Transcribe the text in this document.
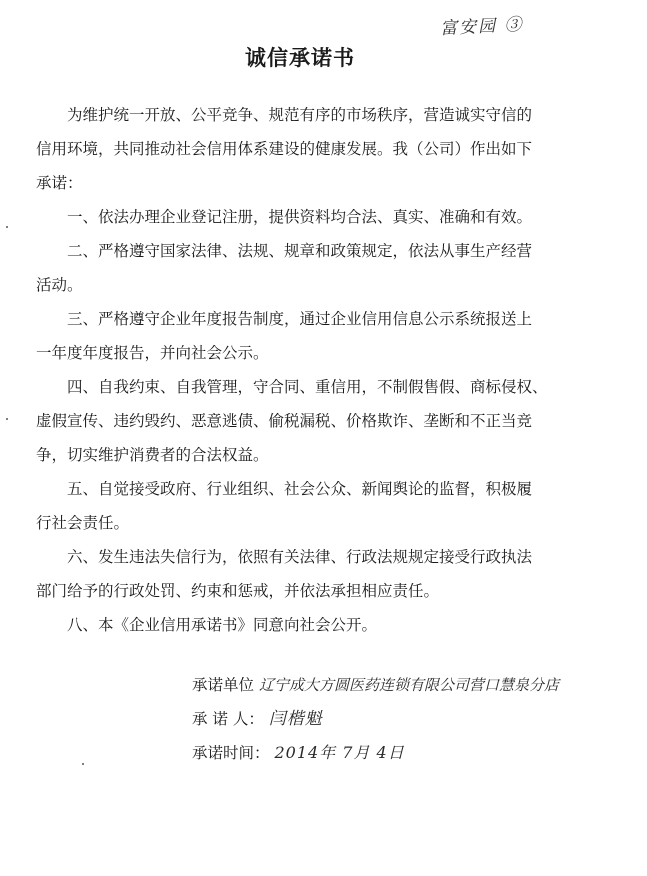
富安园 ③
诚信承诺书
为维护统一开放、公平竞争、规范有序的市场秩序，营造诚实守信的
信用环境，共同推动社会信用体系建设的健康发展。我（公司）作出如下
承诺：
一、依法办理企业登记注册，提供资料均合法、真实、准确和有效。
二、严格遵守国家法律、法规、规章和政策规定，依法从事生产经营
活动。
三、严格遵守企业年度报告制度，通过企业信用信息公示系统报送上
一年度年度报告，并向社会公示。
四、自我约束、自我管理，守合同、重信用，不制假售假、商标侵权、
虚假宣传、违约毁约、恶意逃债、偷税漏税、价格欺诈、垄断和不正当竞
争，切实维护消费者的合法权益。
五、自觉接受政府、行业组织、社会公众、新闻舆论的监督，积极履
行社会责任。
六、发生违法失信行为，依照有关法律、行政法规规定接受行政执法
部门给予的行政处罚、约束和惩戒，并依法承担相应责任。
八、本《企业信用承诺书》同意向社会公开。
承诺单位 辽宁成大方圆医药连锁有限公司营口慧泉分店
承 诺 人： 闫楷魁
承诺时间： 2014年 7月 4日
